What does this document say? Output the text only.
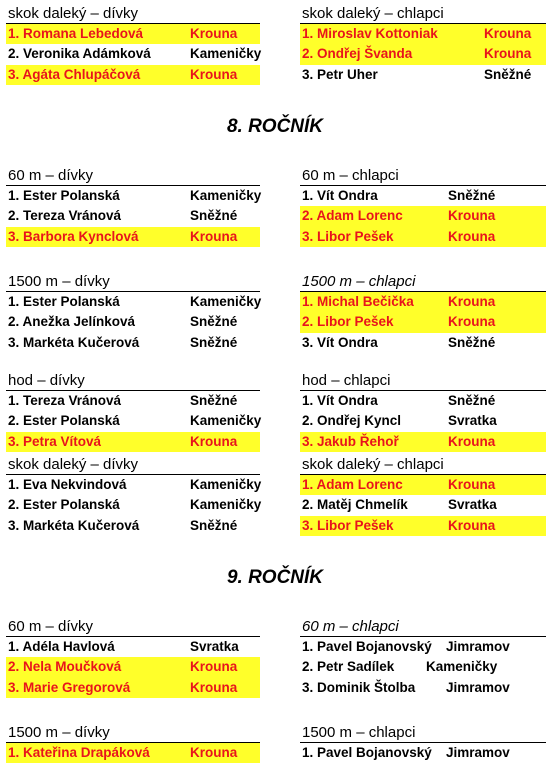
skok daleký – dívky
1. Romana Lebedová	Krouna
2. Veronika Adámková	Kameničky
3. Agáta Chlupáčová	Krouna
skok daleký – chlapci
1. Miroslav Kottoniak	Krouna
2. Ondřej Švanda	Krouna
3. Petr Uher	Sněžné
8. ROČNÍK
60 m – dívky
1. Ester Polanská	Kameničky
2. Tereza Vránová	Sněžné
3. Barbora Kynclová	Krouna
60 m – chlapci
1. Vít Ondra	Sněžné
2. Adam Lorenc	Krouna
3. Libor Pešek	Krouna
1500 m – dívky
1. Ester Polanská	Kameničky
2. Anežka Jelínková	Sněžné
3. Markéta Kučerová	Sněžné
1500 m – chlapci
1. Michal Bečička	Krouna
2. Libor Pešek	Krouna
3. Vít Ondra	Sněžné
hod – dívky
1. Tereza Vránová	Sněžné
2. Ester Polanská	Kameničky
3. Petra Vítová	Krouna
hod – chlapci
1. Vít Ondra	Sněžné
2. Ondřej Kyncl	Svratka
3. Jakub Řehoř	Krouna
skok daleký – dívky
1. Eva Nekvindová	Kameničky
2. Ester Polanská	Kameničky
3. Markéta Kučerová	Sněžné
skok daleký – chlapci
1. Adam Lorenc	Krouna
2. Matěj Chmelík	Svratka
3. Libor Pešek	Krouna
9. ROČNÍK
60 m – dívky
1. Adéla Havlová	Svratka
2. Nela Moučková	Krouna
3. Marie Gregorová	Krouna
60 m – chlapci
1. Pavel Bojanovský Jimramov
2. Petr Sadílek Kameničky
3. Dominik Štolba Jimramov
1500 m – dívky
1. Kateřina Drapáková	Krouna
1500 m – chlapci
1. Pavel Bojanovský Jimramov
